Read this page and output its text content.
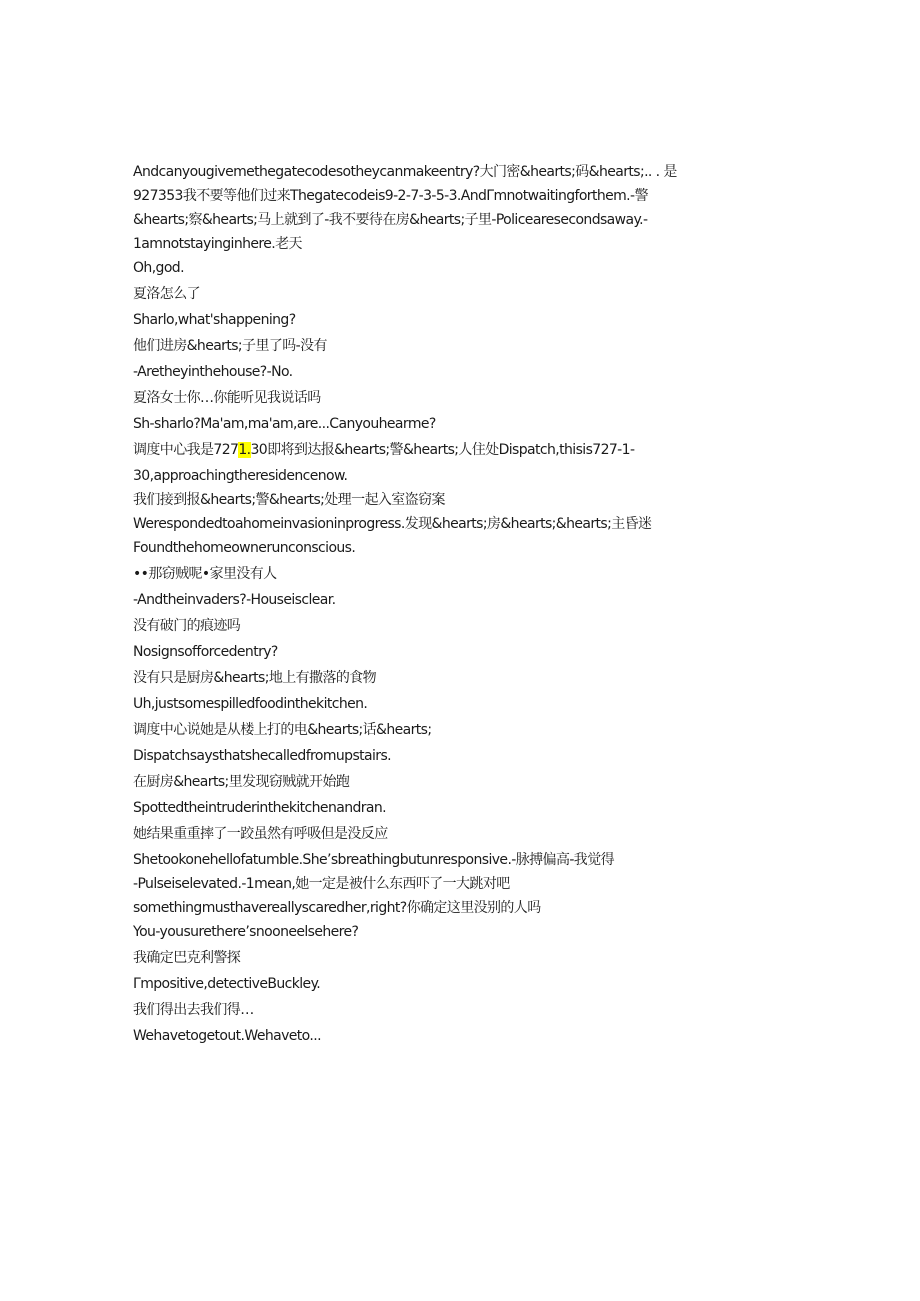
Andcanyougivemethegatecodesotheycanmakeentry?大门密&hearts;码&hearts;.. . 是
927353我不要等他们过来Thegatecodeis9-2-7-3-5-3.AndΓmnotwaitingforthem.-警
&hearts;察&hearts;马上就到了-我不要待在房&hearts;子里-Policearesecondsaway.-
1amnotstayinginhere.老天
Oh,god.
夏洛怎么了
Sharlo,what'shappening?
他们进房&hearts;子里了吗-没有
-Aretheyinthehouse?-No.
夏洛女士你…你能听见我说话吗
Sh-sharlo?Ma'am,ma'am,are...Canyouhearme?
调度中心我是7271.30即将到达报&hearts;警&hearts;人住处Dispatch,thisis727-1-
30,approachingtheresidencenow.
我们接到报&hearts;警&hearts;处理一起入室盗窃案
Werespondedtoahomeinvasioninprogress.发现&hearts;房&hearts;&hearts;主昏迷
Foundthehomeownerunconscious.
••那窃贼呢•家里没有人
-Andtheinvaders?-Houseisclear.
没有破门的痕迹吗
Nosignsofforcedentry?
没有只是厨房&hearts;地上有撒落的食物
Uh,justsomespilledfoodinthekitchen.
调度中心说她是从楼上打的电&hearts;话&hearts;
Dispatchsaysthatshecalledfromupstairs.
在厨房&hearts;里发现窃贼就开始跑
Spottedtheintruderinthekitchenandran.
她结果重重摔了一跤虽然有呼吸但是没反应
Shetookonehellofatumble.She’sbreathingbutunresponsive.-脉搏偏高-我觉得
-Pulseiselevated.-1mean,她一定是被什么东西吓了一大跳对吧
somethingmusthavereallyscaredher,right?你确定这里没别的人吗
You-yousurethere’snooneelsehere?
我确定巴克利警探
Γmpositive,detectiveBuckley.
我们得出去我们得…
Wehavetogetout.Wehaveto...
